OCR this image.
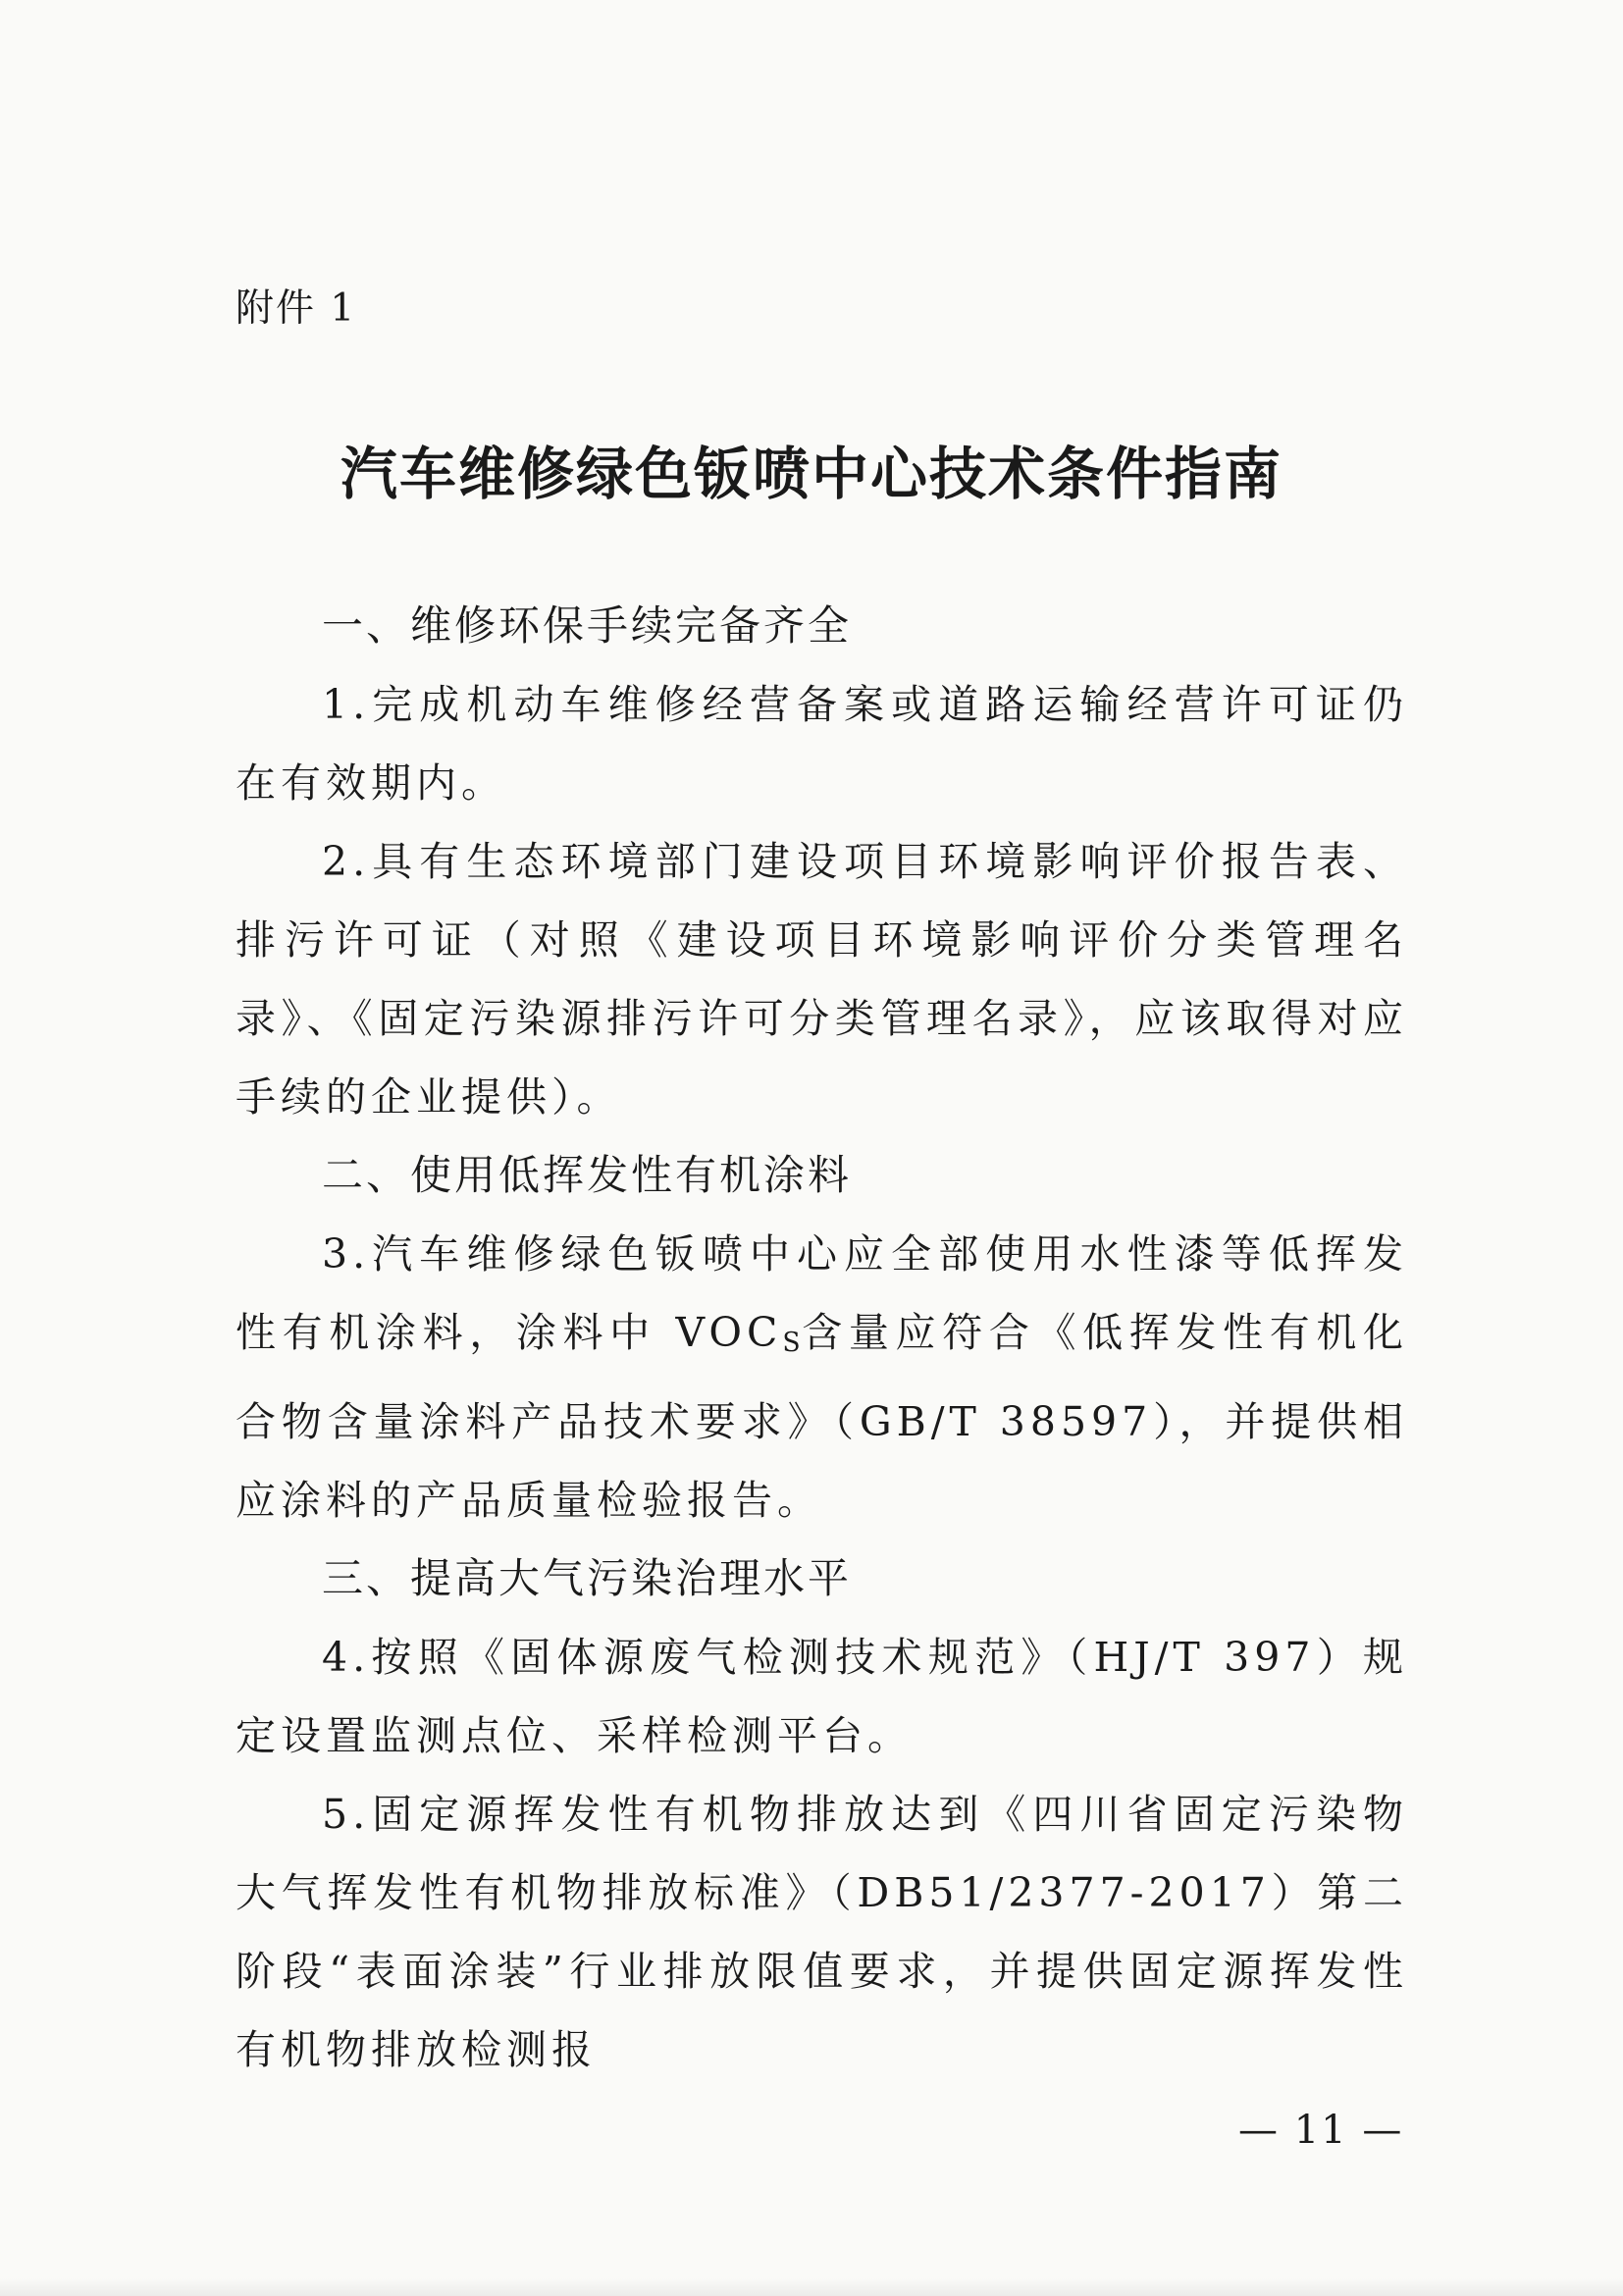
附件 1
汽车维修绿色钣喷中心技术条件指南
一、维修环保手续完备齐全
1.完成机动车维修经营备案或道路运输经营许可证仍在有效期内。
2.具有生态环境部门建设项目环境影响评价报告表、排污许可证（对照《建设项目环境影响评价分类管理名录》、《固定污染源排污许可分类管理名录》，应该取得对应手续的企业提供）。
二、使用低挥发性有机涂料
3.汽车维修绿色钣喷中心应全部使用水性漆等低挥发性有机涂料，涂料中 VOCS含量应符合《低挥发性有机化合物含量涂料产品技术要求》（GB/T 38597），并提供相应涂料的产品质量检验报告。
三、提高大气污染治理水平
4.按照《固体源废气检测技术规范》（HJ/T 397）规定设置监测点位、采样检测平台。
5.固定源挥发性有机物排放达到《四川省固定污染物大气挥发性有机物排放标准》（DB51/2377-2017）第二阶段“表面涂装”行业排放限值要求，并提供固定源挥发性有机物排放检测报
— 11 —
